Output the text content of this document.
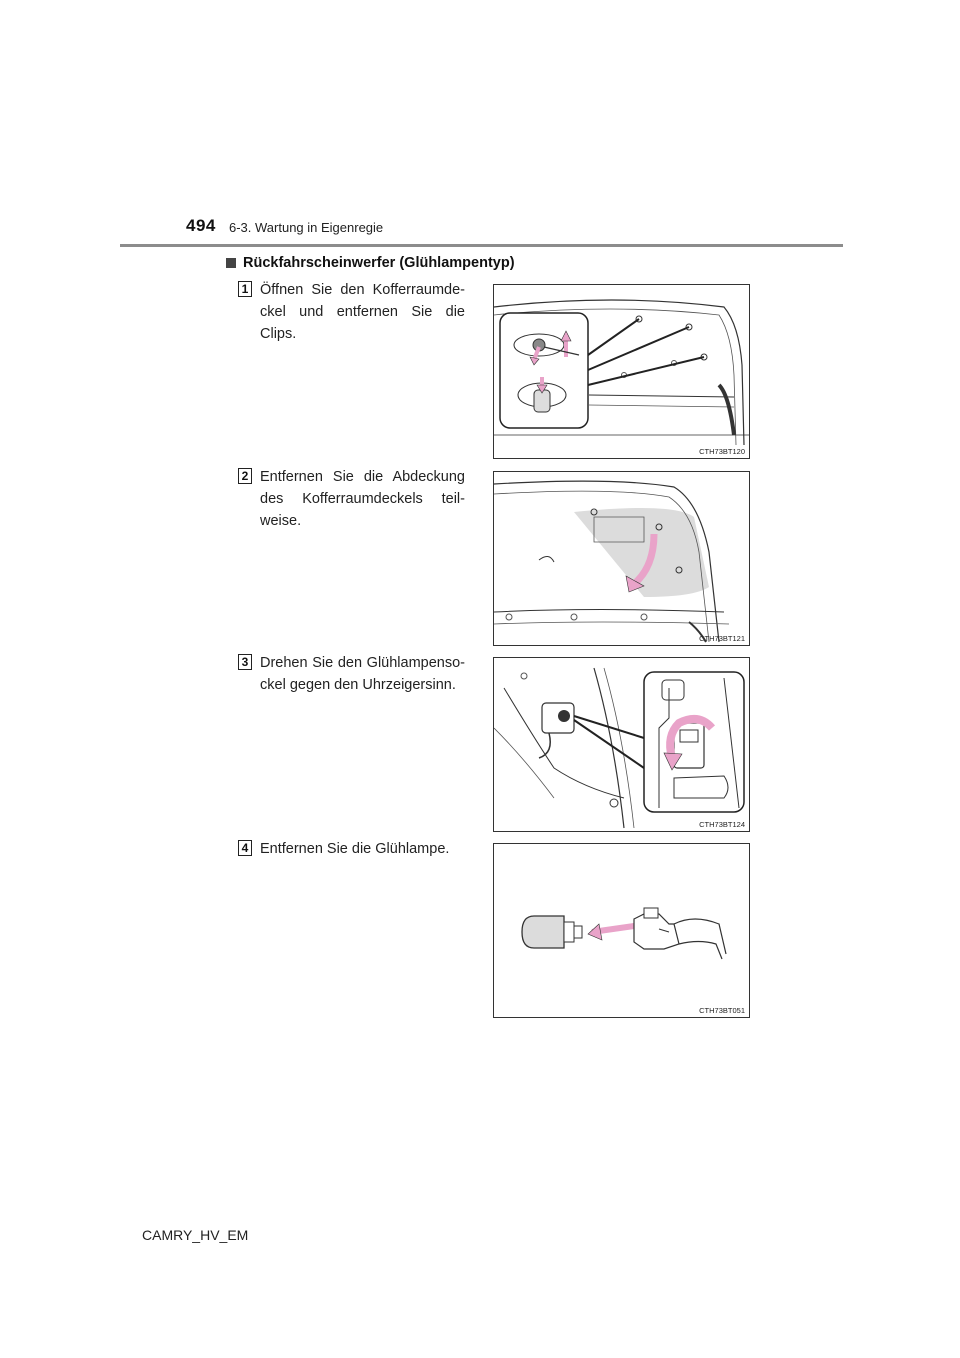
494 6-3. Wartung in Eigenregie
Rückfahrscheinwerfer (Glühlampentyp)
1 Öffnen Sie den Kofferraumde-ckel und entfernen Sie die Clips.
CTH73BT120
2 Entfernen Sie die Abdeckung des Kofferraumdeckels teil-weise.
CTH73BT121
3 Drehen Sie den Glühlampenso-ckel gegen den Uhrzeigersinn.
CTH73BT124
4 Entfernen Sie die Glühlampe.
CTH73BT051
CAMRY_HV_EM
